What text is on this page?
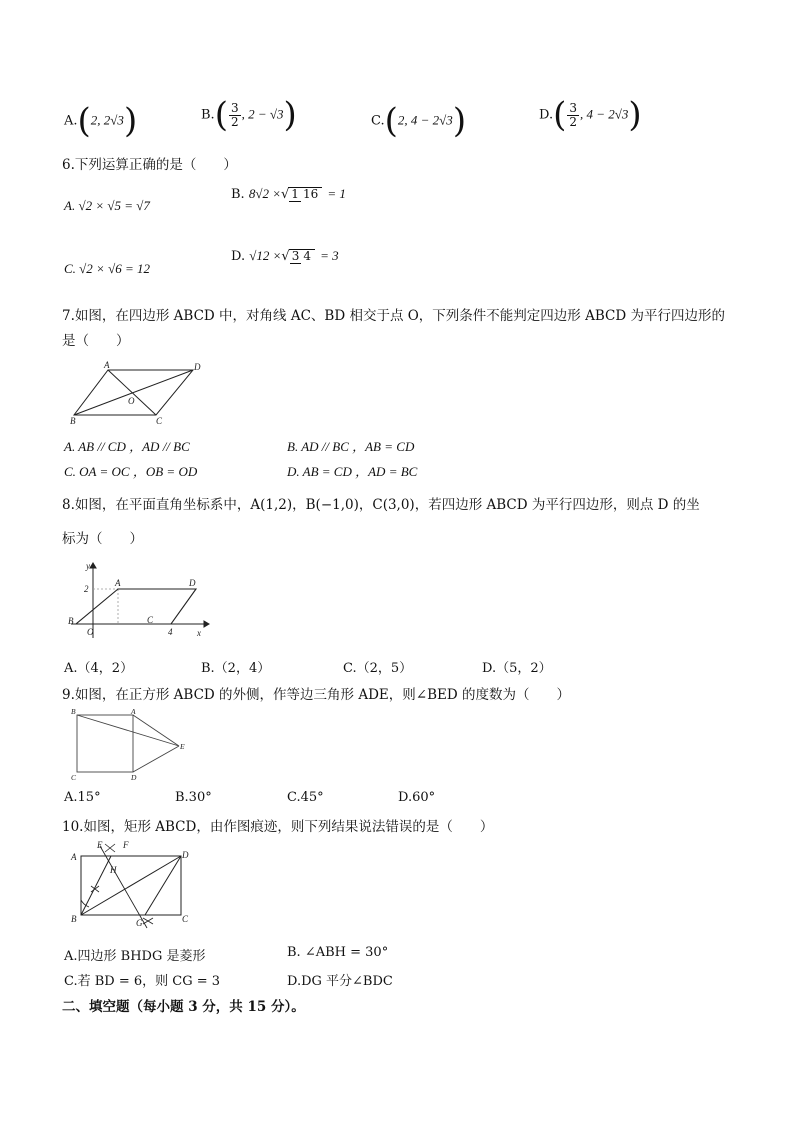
A.(2, 2√3)	$B.( \frac{3}{2}$ , 2 − √3)	C.(2, 4 − 2√3)	$D.( \frac{3}{2}$ , 4 − 2√3)
6.下列运算正确的是（　　）
A. √2 × √5 = √7
B. 8√2 ×√ 1 16 = 1
C. √2 × √6 = 12
D. √12 ×√ 3 4 = 3
7.如图，在四边形 ABCD 中，对角线 AC、BD 相交于点 O，下列条件不能判定四边形 ABCD 为平行四边形的
是（　　）
A	D
B	C
O
A. AB // CD ，AD // BC	B. AD // BC ，AB = CD
C. OA = OC ，OB = OD	D. AB = CD ，AD = BC
8.如图，在平面直角坐标系中，A(1,2)，B(−1,0)，C(3,0)，若四边形 ABCD 为平行四边形，则点 D 的坐
标为（　　）
y
x
A	D
B	C
O
2
4
A.（4，2）	B.（2，4）	C.（2，5）	D.（5，2）
9.如图，在正方形 ABCD 的外侧，作等边三角形 ADE，则∠BED 的度数为（　　）
B	A
E
C	D
A.15°	B.30°	C.45°	D.60°
10.如图，矩形 ABCD，由作图痕迹，则下列结果说法错误的是（　　）
A	D
B	C
E F
G
H
A.四边形 BHDG 是菱形	B. ∠ABH = 30°
C.若 BD = 6，则 CG = 3	D.DG 平分∠BDC
二、填空题（每小题 3 分，共 15 分）。
